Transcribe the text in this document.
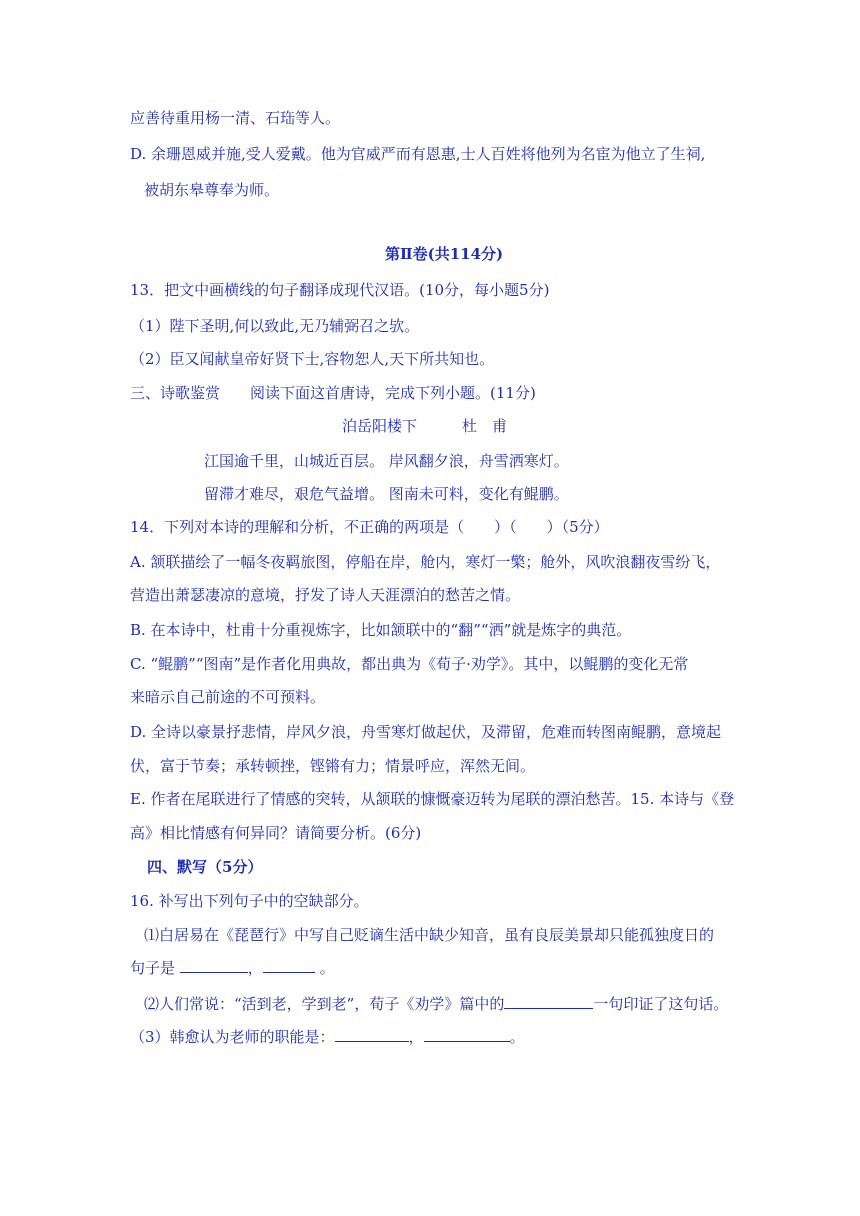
应善待重用杨一清、石珤等人。
D. 余珊恩威并施,受人爱戴。他为官威严而有恩惠,士人百姓将他列为名宦为他立了生祠,
被胡东皋尊奉为师。
第Ⅱ卷(共114分)
13．把文中画横线的句子翻译成现代汉语。(10分，每小题5分)
（1）陛下圣明,何以致此,无乃辅弼召之欤。
（2）臣又闻献皇帝好贤下士,容物恕人,天下所共知也。
三、诗歌鉴赏　　阅读下面这首唐诗，完成下列小题。(11分)
泊岳阳楼下　　　杜　甫
江国逾千里，山城近百层。 岸风翻夕浪，舟雪洒寒灯。
留滞才难尽，艰危气益增。 图南未可料，变化有鲲鹏。
14．下列对本诗的理解和分析，不正确的两项是（　　）（　　）（5分）
A. 颔联描绘了一幅冬夜羁旅图，停船在岸，舱内，寒灯一檠；舱外，风吹浪翻夜雪纷飞，
营造出萧瑟凄凉的意境，抒发了诗人天涯漂泊的愁苦之情。
B. 在本诗中，杜甫十分重视炼字，比如颔联中的“翻”“洒”就是炼字的典范。
C. “鲲鹏”“图南”是作者化用典故，都出典为《荀子·劝学》。其中，以鲲鹏的变化无常
来暗示自己前途的不可预料。
D. 全诗以豪景抒悲情，岸风夕浪，舟雪寒灯做起伏，及滞留，危难而转图南鲲鹏，意境起
伏，富于节奏；承转顿挫，铿锵有力；情景呼应，浑然无间。
E. 作者在尾联进行了情感的突转，从颔联的慷慨豪迈转为尾联的漂泊愁苦。15. 本诗与《登
高》相比情感有何异同？请简要分析。(6分)
四、默写（5分）
16. 补写出下列句子中的空缺部分。
⑴白居易在《琵琶行》中写自己贬谪生活中缺少知音，虽有良辰美景却只能孤独度日的
句子是	，	。
⑵人们常说：“活到老，学到老”，荀子《劝学》篇中的	一句印证了这句话。
（3）韩愈认为老师的职能是：	，	。
